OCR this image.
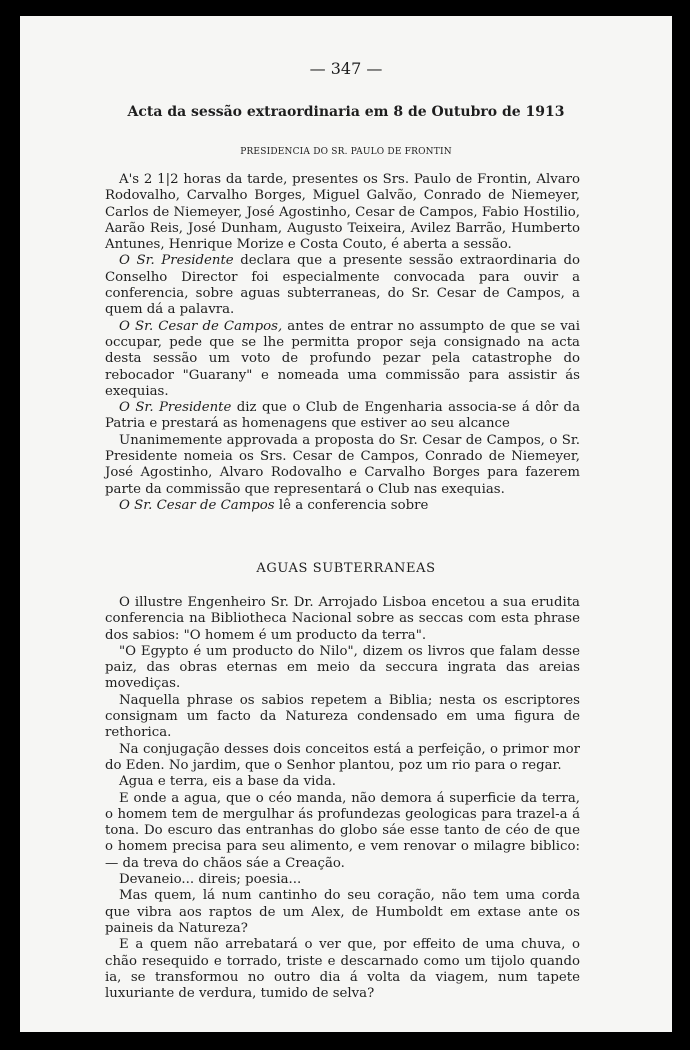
— 347 —
Acta da sessão extraordinaria em 8 de Outubro de 1913
PRESIDENCIA DO SR. PAULO DE FRONTIN

A's 2 1|2 horas da tarde, presentes os Srs. Paulo de Frontin, Alvaro Rodovalho, Carvalho Borges, Miguel Galvão, Conrado de Niemeyer, Carlos de Niemeyer, José Agostinho, Cesar de Campos, Fabio Hostilio, Aarão Reis, José Dunham, Augusto Teixeira, Avilez Barrão, Humberto Antunes, Henrique Morize e Costa Couto, é aberta a sessão.

O Sr. Presidente declara que a presente sessão extraordinaria do Conselho Director foi especialmente convocada para ouvir a conferencia, sobre aguas subterraneas, do Sr. Cesar de Campos, a quem dá a palavra.

O Sr. Cesar de Campos, antes de entrar no assumpto de que se vai occupar, pede que se lhe permitta propor seja consignado na acta desta sessão um voto de profundo pezar pela catastrophe do rebocador "Guarany" e nomeada uma commissão para assistir ás exequias.

O Sr. Presidente diz que o Club de Engenharia associa-se á dôr da Patria e prestará as homenagens que estiver ao seu alcance

Unanimemente approvada a proposta do Sr. Cesar de Campos, o Sr. Presidente nomeia os Srs. Cesar de Campos, Conrado de Niemeyer, José Agostinho, Alvaro Rodovalho e Carvalho Borges para fazerem parte da commissão que representará o Club nas exequias.

O Sr. Cesar de Campos lê a conferencia sobre

AGUAS SUBTERRANEAS

O illustre Engenheiro Sr. Dr. Arrojado Lisboa encetou a sua erudita conferencia na Bibliotheca Nacional sobre as seccas com esta phrase dos sabios: "O homem é um producto da terra".

"O Egypto é um producto do Nilo", dizem os livros que falam desse paiz, das obras eternas em meio da seccura ingrata das areias movediças.

Naquella phrase os sabios repetem a Biblia; nesta os escriptores consignam um facto da Natureza condensado em uma figura de rethorica.

Na conjugação desses dois conceitos está a perfeição, o primor mor do Eden. No jardim, que o Senhor plantou, poz um rio para o regar.

Agua e terra, eis a base da vida.

E onde a agua, que o céo manda, não demora á superficie da terra, o homem tem de mergulhar ás profundezas geologicas para trazel-a á tona. Do escuro das entranhas do globo sáe esse tanto de céo de que o homem precisa para seu alimento, e vem renovar o milagre biblico: — da treva do chãos sáe a Creação.

Devaneio... direis; poesia...

Mas quem, lá num cantinho do seu coração, não tem uma corda que vibra aos raptos de um Alex, de Humboldt em extase ante os paineis da Natureza?

E a quem não arrebatará o ver que, por effeito de uma chuva, o chão resequido e torrado, triste e descarnado como um tijolo quando ia, se transformou no outro dia á volta da viagem, num tapete luxuriante de verdura, tumido de selva?
